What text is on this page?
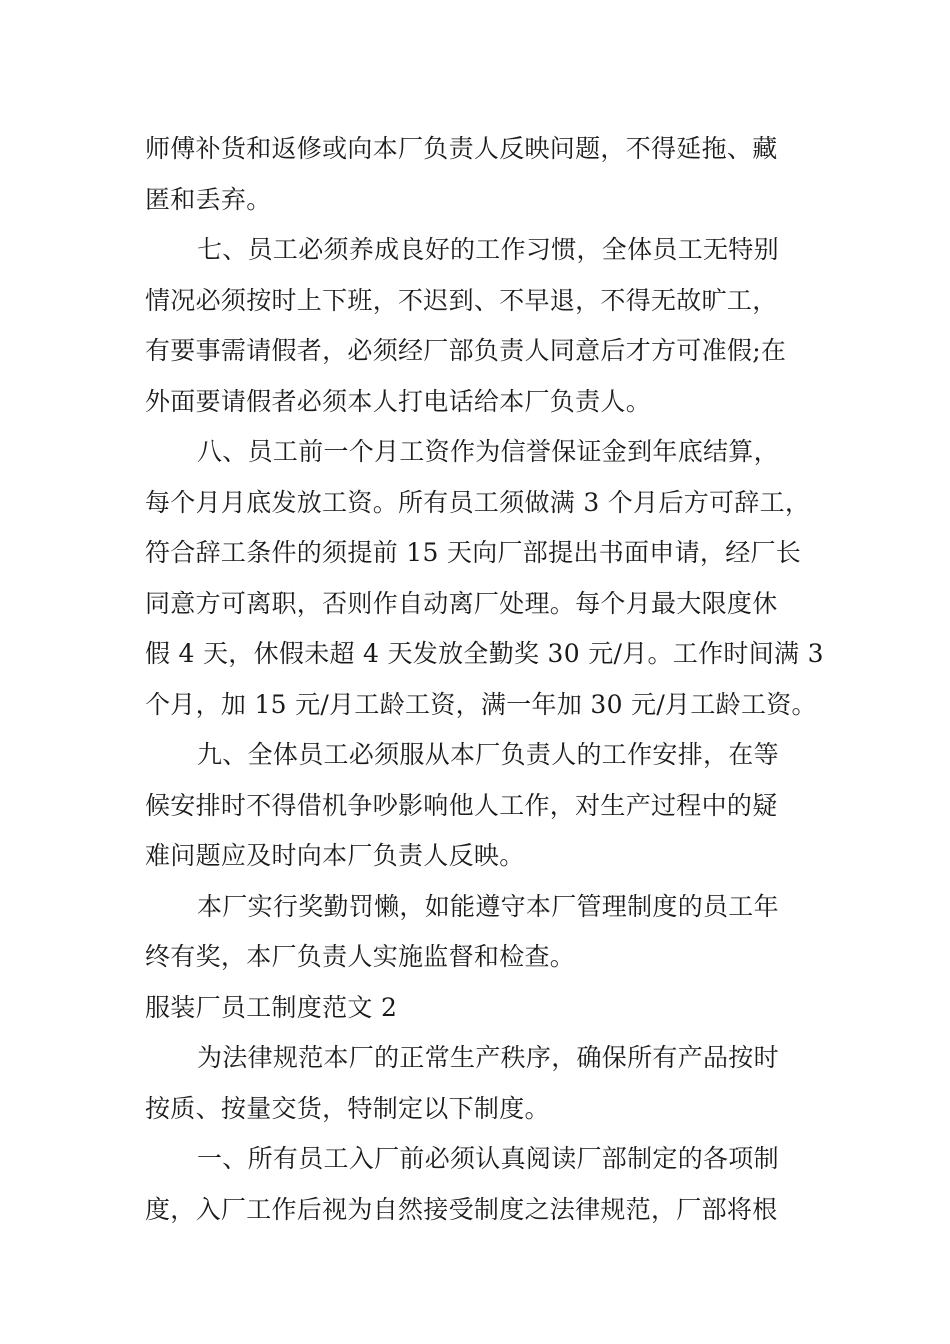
师傅补货和返修或向本厂负责人反映问题，不得延拖、藏
匿和丢弃。
七、员工必须养成良好的工作习惯，全体员工无特别
情况必须按时上下班，不迟到、不早退，不得无故旷工，
有要事需请假者，必须经厂部负责人同意后才方可准假;在
外面要请假者必须本人打电话给本厂负责人。
八、员工前一个月工资作为信誉保证金到年底结算，
每个月月底发放工资。所有员工须做满 3 个月后方可辞工，
符合辞工条件的须提前 15 天向厂部提出书面申请，经厂长
同意方可离职，否则作自动离厂处理。每个月最大限度休
假 4 天，休假未超 4 天发放全勤奖 30 元/月。工作时间满 3
个月，加 15 元/月工龄工资，满一年加 30 元/月工龄工资。
九、全体员工必须服从本厂负责人的工作安排，在等
候安排时不得借机争吵影响他人工作，对生产过程中的疑
难问题应及时向本厂负责人反映。
本厂实行奖勤罚懒，如能遵守本厂管理制度的员工年
终有奖，本厂负责人实施监督和检查。
服装厂员工制度范文 2
为法律规范本厂的正常生产秩序，确保所有产品按时
按质、按量交货，特制定以下制度。
一、所有员工入厂前必须认真阅读厂部制定的各项制
度，入厂工作后视为自然接受制度之法律规范，厂部将根
